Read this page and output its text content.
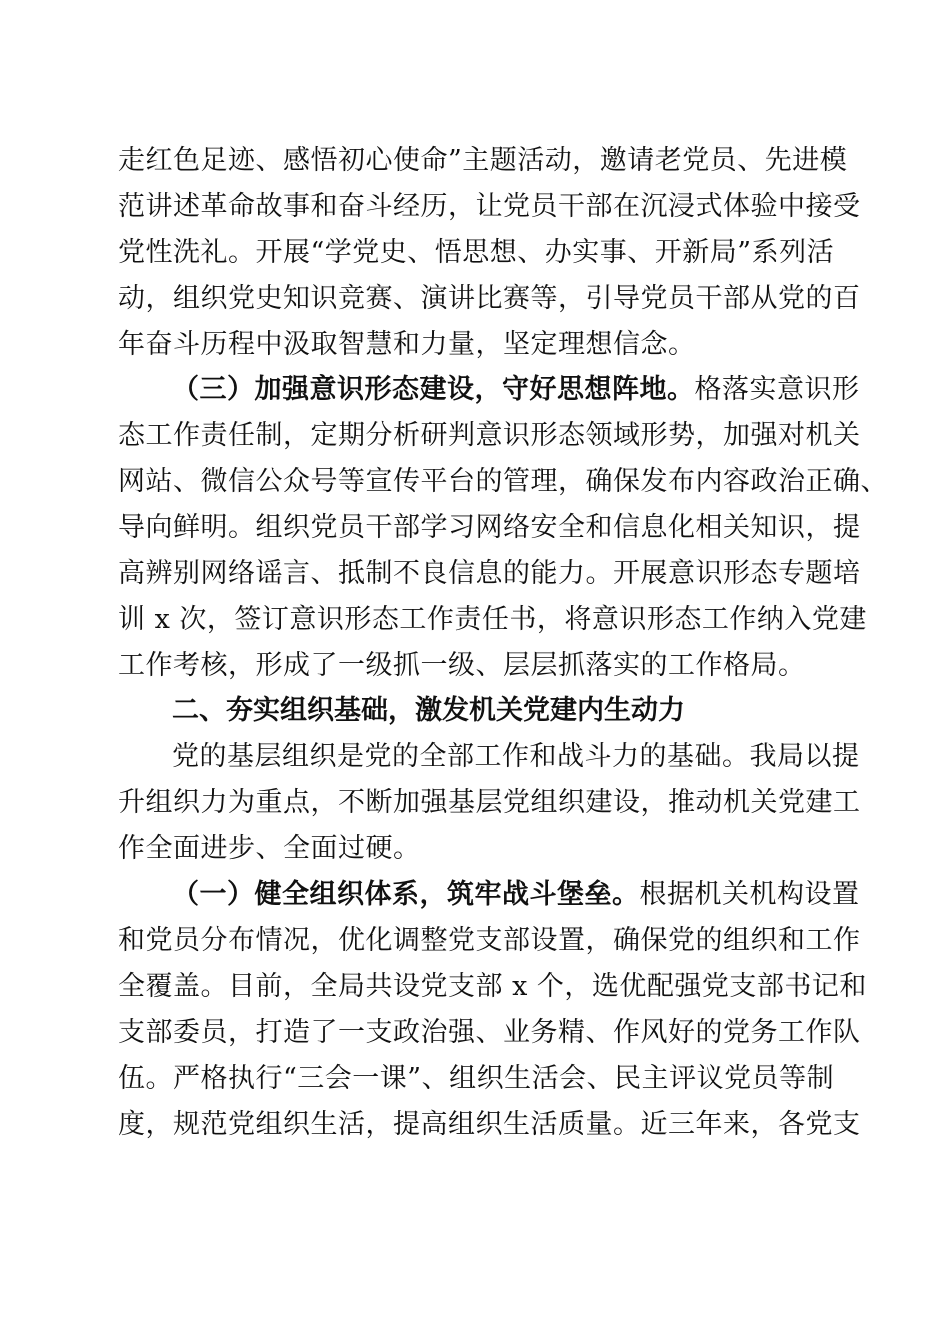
走红色足迹、感悟初心使命”主题活动，邀请老党员、先进模
范讲述革命故事和奋斗经历，让党员干部在沉浸式体验中接受
党性洗礼。开展“学党史、悟思想、办实事、开新局”系列活
动，组织党史知识竞赛、演讲比赛等，引导党员干部从党的百
年奋斗历程中汲取智慧和力量，坚定理想信念。
（三）加强意识形态建设，守好思想阵地。格落实意识形
态工作责任制，定期分析研判意识形态领域形势，加强对机关
网站、微信公众号等宣传平台的管理，确保发布内容政治正确、
导向鲜明。组织党员干部学习网络安全和信息化相关知识，提
高辨别网络谣言、抵制不良信息的能力。开展意识形态专题培
训 x 次，签订意识形态工作责任书，将意识形态工作纳入党建
工作考核，形成了一级抓一级、层层抓落实的工作格局。
二、夯实组织基础，激发机关党建内生动力
党的基层组织是党的全部工作和战斗力的基础。我局以提
升组织力为重点，不断加强基层党组织建设，推动机关党建工
作全面进步、全面过硬。
（一）健全组织体系，筑牢战斗堡垒。根据机关机构设置
和党员分布情况，优化调整党支部设置，确保党的组织和工作
全覆盖。目前，全局共设党支部 x 个，选优配强党支部书记和
支部委员，打造了一支政治强、业务精、作风好的党务工作队
伍。严格执行“三会一课”、组织生活会、民主评议党员等制
度，规范党组织生活，提高组织生活质量。近三年来，各党支
